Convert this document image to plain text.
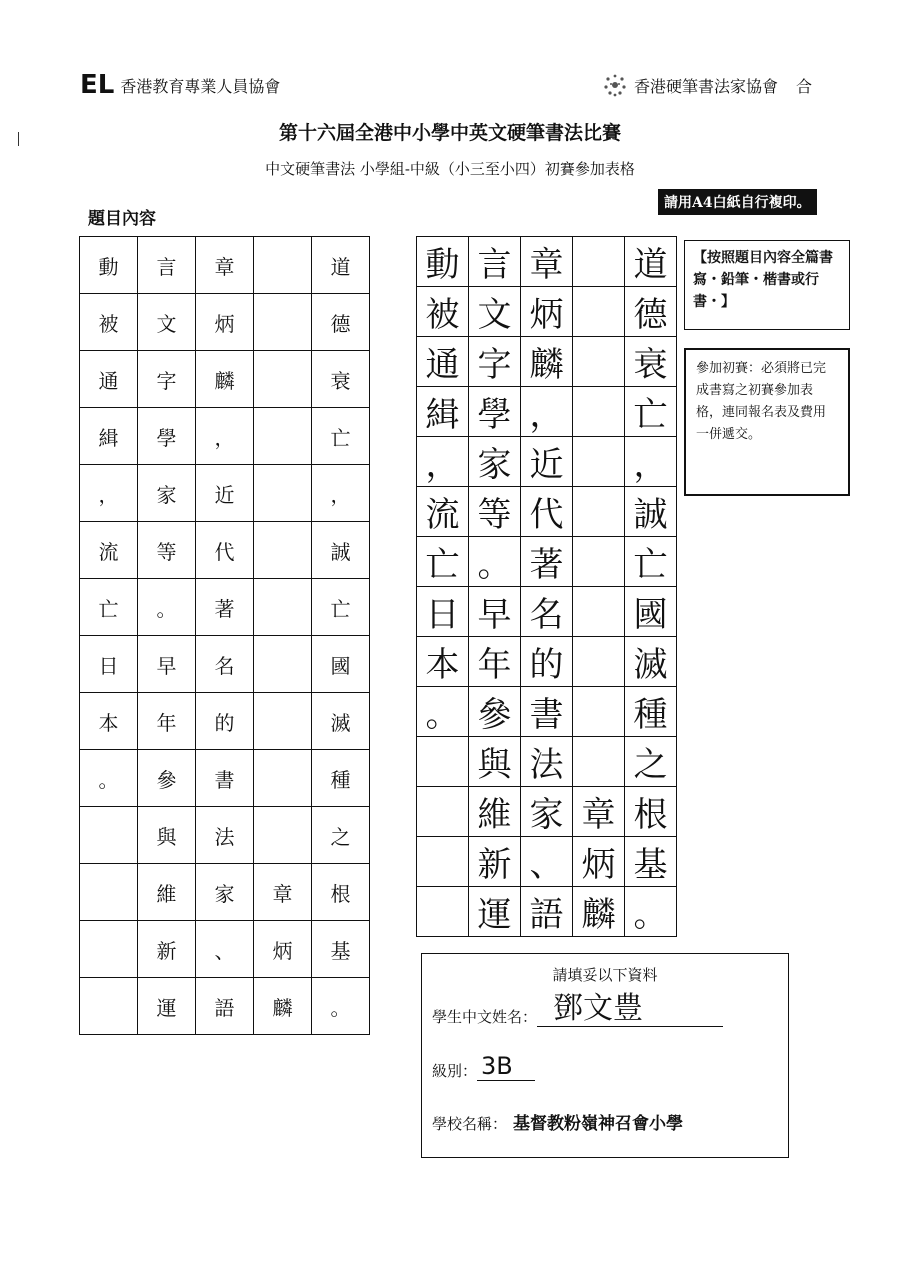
EL 香港教育專業人員協會	香港硬筆書法家協會 合
第十六屆全港中小學中英文硬筆書法比賽
中文硬筆書法 小學組-中級（小三至小四）初賽參加表格
請用A4白紙自行複印。
題目內容
動	言	章		道
被	文	炳		德
通	字	麟		衰
緝	學	，		亡
，	家	近		，
流	等	代		誠
亡	。	著		亡
日	早	名		國
本	年	的		滅
。	參	書		種
	與	法		之
	維	家	章	根
	新	、	炳	基
	運	語	麟	。
動	言	章		道
被	文	炳		德
通	字	麟		衰
緝	學	，		亡
，	家	近		，
流	等	代		誠
亡	。	著		亡
日	早	名		國
本	年	的		滅
。	參	書		種
	與	法		之
	維	家	章	根
	新	、	炳	基
	運	語	麟	。
【按照題目內容全篇書寫・鉛筆・楷書或行書・】
參加初賽：必須將已完成書寫之初賽參加表格，連同報名表及費用一併遞交。
請填妥以下資料
學生中文姓名： 鄧文豊
級別： 3B
學校名稱： 基督教粉嶺神召會小學
